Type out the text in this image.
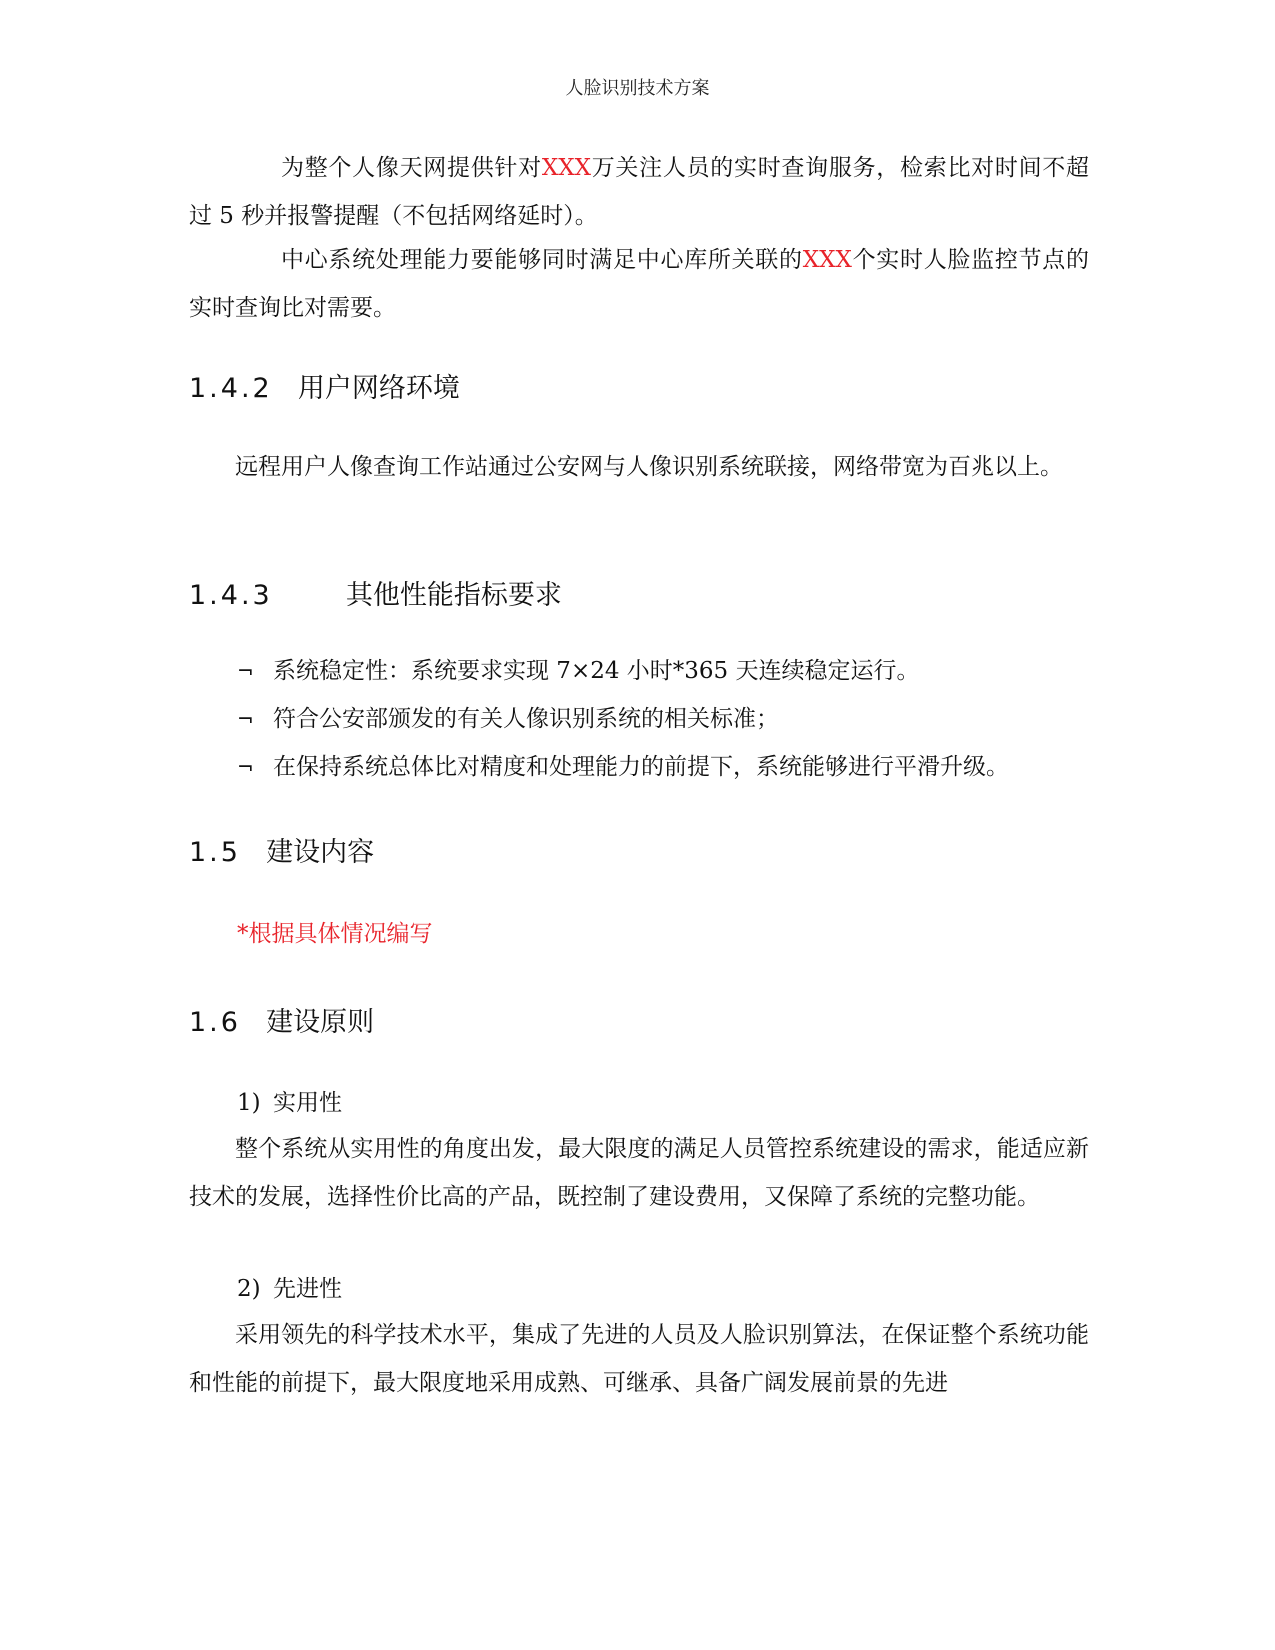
人脸识别技术方案
为整个人像天网提供针对XXX万关注人员的实时查询服务，检索比对时间不超过 5 秒并报警提醒（不包括网络延时）。
中心系统处理能力要能够同时满足中心库所关联的XXX个实时人脸监控节点的实时查询比对需要。
1.4.2 用户网络环境
远程用户人像查询工作站通过公安网与人像识别系统联接，网络带宽为百兆以上。
1.4.3	其他性能指标要求
¬ 系统稳定性：系统要求实现 7×24 小时*365 天连续稳定运行。
¬ 符合公安部颁发的有关人像识别系统的相关标准；
¬ 在保持系统总体比对精度和处理能力的前提下，系统能够进行平滑升级。
1.5 建设内容
*根据具体情况编写
1.6 建设原则
1) 实用性
整个系统从实用性的角度出发，最大限度的满足人员管控系统建设的需求，能适应新技术的发展，选择性价比高的产品，既控制了建设费用，又保障了系统的完整功能。
2) 先进性
采用领先的科学技术水平，集成了先进的人员及人脸识别算法，在保证整个系统功能和性能的前提下，最大限度地采用成熟、可继承、具备广阔发展前景的先进
